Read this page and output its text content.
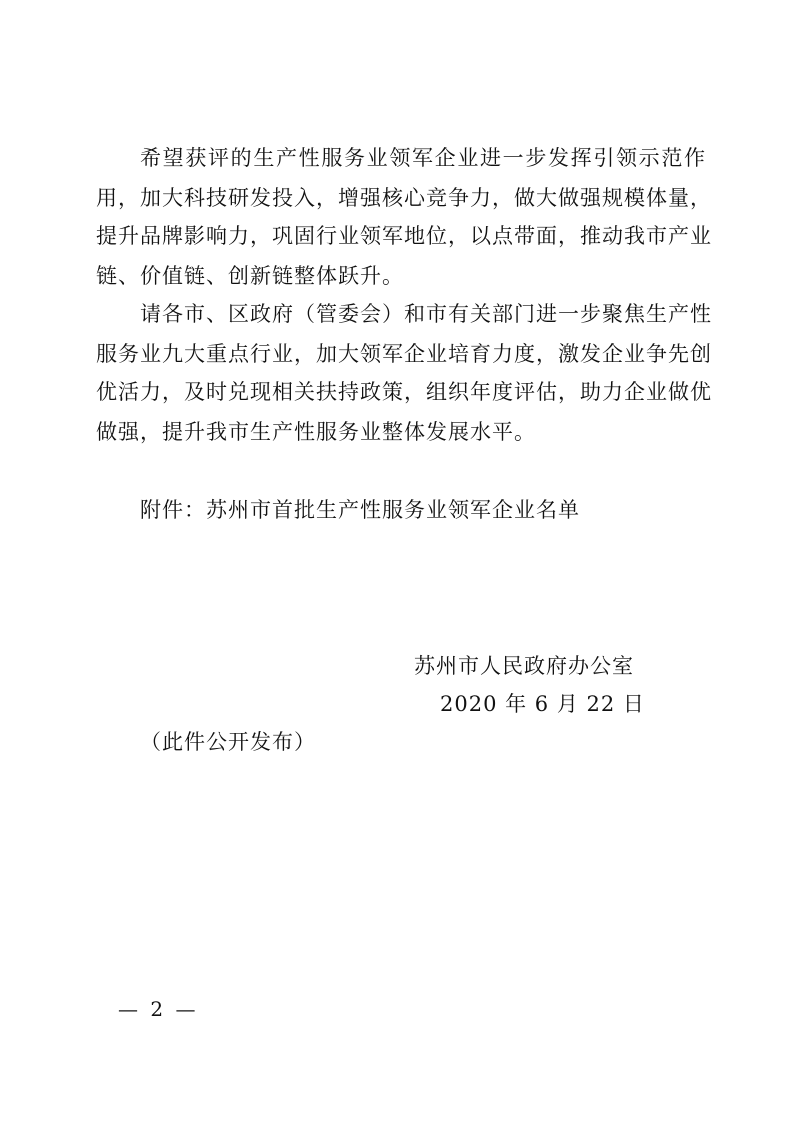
希望获评的生产性服务业领军企业进一步发挥引领示范作
用，加大科技研发投入，增强核心竞争力，做大做强规模体量，
提升品牌影响力，巩固行业领军地位，以点带面，推动我市产业
链、价值链、创新链整体跃升。
请各市、区政府（管委会）和市有关部门进一步聚焦生产性
服务业九大重点行业，加大领军企业培育力度，激发企业争先创
优活力，及时兑现相关扶持政策，组织年度评估，助力企业做优
做强，提升我市生产性服务业整体发展水平。
附件：苏州市首批生产性服务业领军企业名单
苏州市人民政府办公室
2020 年 6 月 22 日
（此件公开发布）
— 2 —
